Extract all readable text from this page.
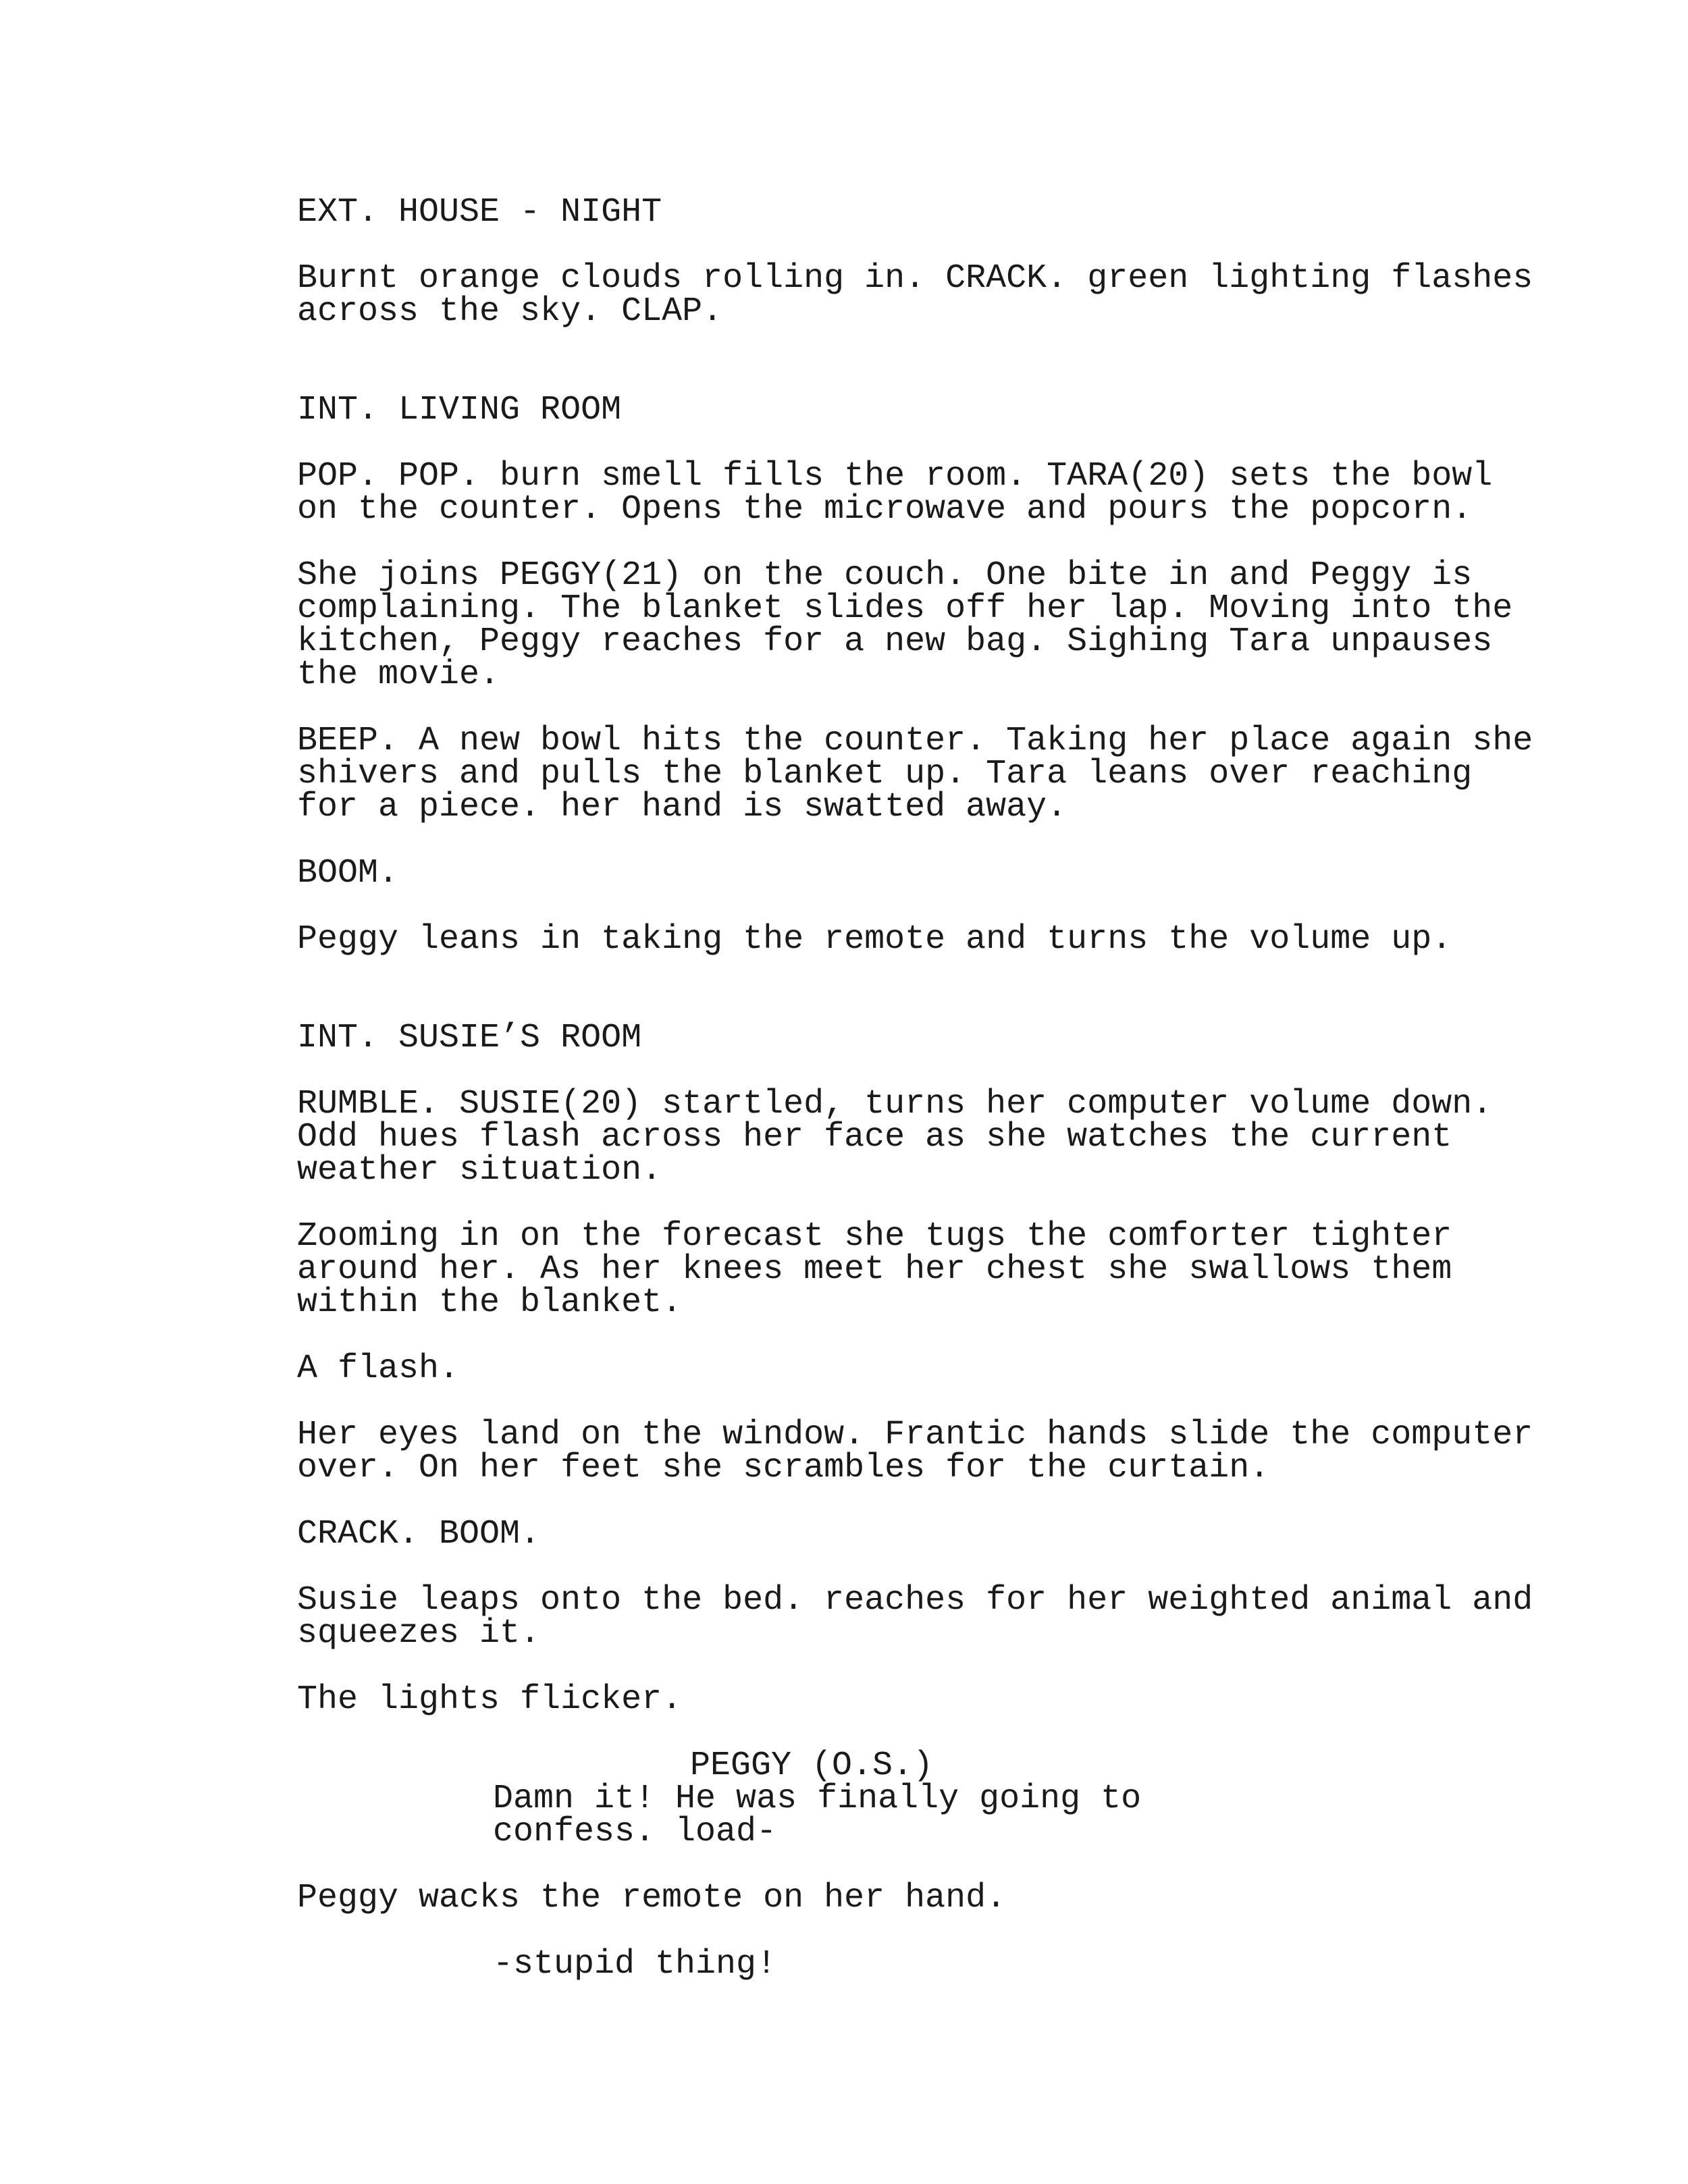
EXT. HOUSE - NIGHT

Burnt orange clouds rolling in. CRACK. green lighting flashes

across the sky. CLAP.

INT. LIVING ROOM

POP. POP. burn smell fills the room. TARA(20) sets the bowl

on the counter. Opens the microwave and pours the popcorn.

She joins PEGGY(21) on the couch. One bite in and Peggy is

complaining. The blanket slides off her lap. Moving into the

kitchen, Peggy reaches for a new bag. Sighing Tara unpauses

the movie.

BEEP. A new bowl hits the counter. Taking her place again she

shivers and pulls the blanket up. Tara leans over reaching

for a piece. her hand is swatted away.

BOOM.

Peggy leans in taking the remote and turns the volume up.

INT. SUSIE’S ROOM

RUMBLE. SUSIE(20) startled, turns her computer volume down.

Odd hues flash across her face as she watches the current

weather situation.

Zooming in on the forecast she tugs the comforter tighter

around her. As her knees meet her chest she swallows them

within the blanket.

A flash.

Her eyes land on the window. Frantic hands slide the computer

over. On her feet she scrambles for the curtain.

CRACK. BOOM.

Susie leaps onto the bed. reaches for her weighted animal and

squeezes it.

The lights flicker.

PEGGY (O.S.)

Damn it! He was finally going to

confess. load-

Peggy wacks the remote on her hand.

-stupid thing!
